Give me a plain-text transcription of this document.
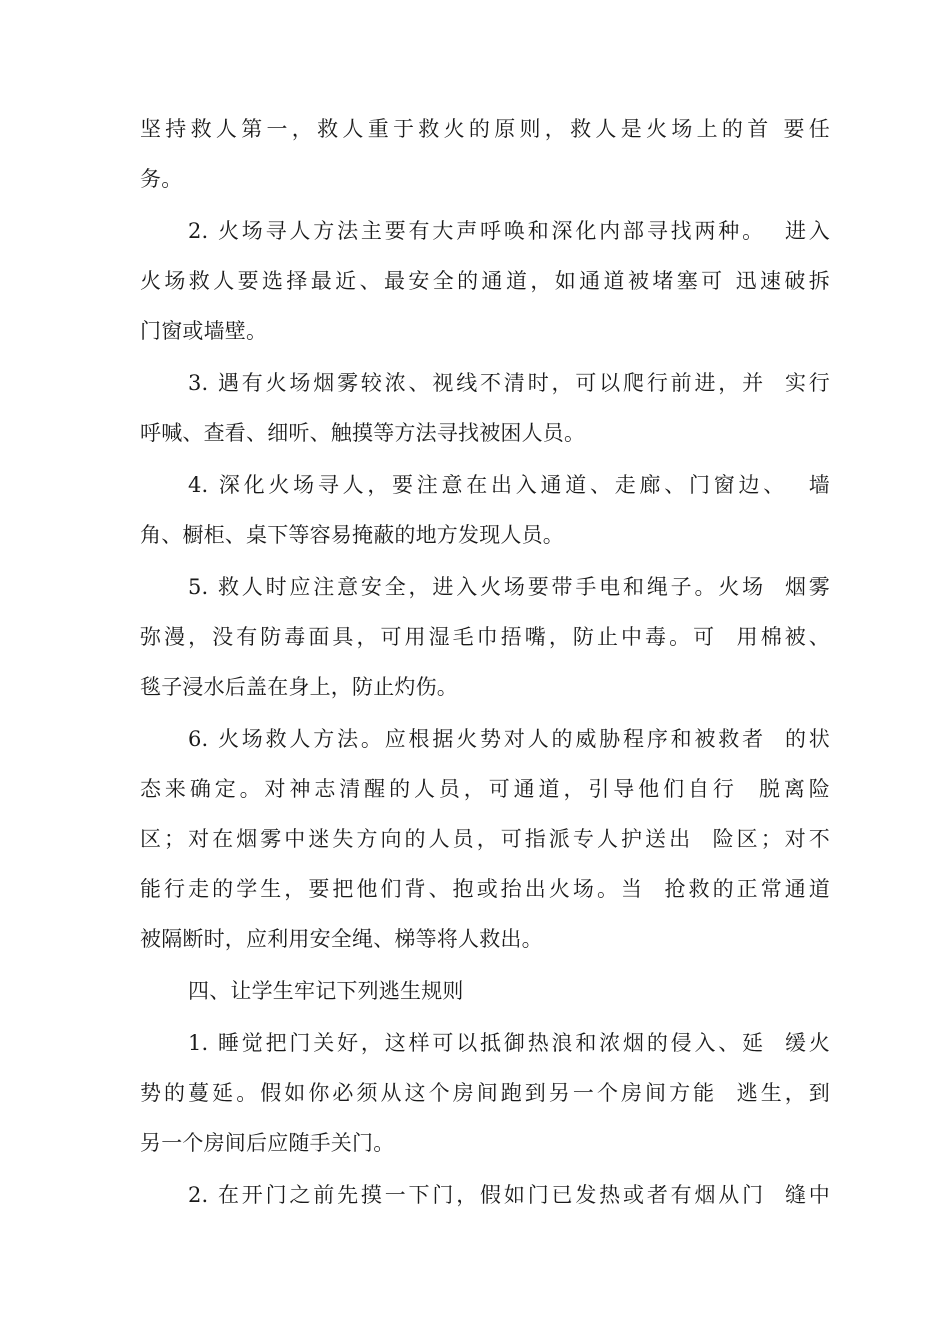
坚持救人第一，救人重于救火的原则，救人是火场上的首 要任
务。
2. 火场寻人方法主要有大声呼唤和深化内部寻找两种。  进入
火场救人要选择最近、最安全的通道，如通道被堵塞可 迅速破拆
门窗或墙壁。
3. 遇有火场烟雾较浓、视线不清时，可以爬行前进，并  实行
呼喊、查看、细听、触摸等方法寻找被困人员。
4. 深化火场寻人，要注意在出入通道、走廊、门窗边、  墙
角、橱柜、桌下等容易掩蔽的地方发现人员。
5. 救人时应注意安全，进入火场要带手电和绳子。火场  烟雾
弥漫，没有防毒面具，可用湿毛巾捂嘴，防止中毒。可  用棉被、
毯子浸水后盖在身上，防止灼伤。
6. 火场救人方法。应根据火势对人的威胁程序和被救者  的状
态来确定。对神志清醒的人员，可通道，引导他们自行  脱离险
区；对在烟雾中迷失方向的人员，可指派专人护送出  险区；对不
能行走的学生，要把他们背、抱或抬出火场。当  抢救的正常通道
被隔断时，应利用安全绳、梯等将人救出。
四、让学生牢记下列逃生规则
1. 睡觉把门关好，这样可以抵御热浪和浓烟的侵入、延  缓火
势的蔓延。假如你必须从这个房间跑到另一个房间方能  逃生，到
另一个房间后应随手关门。
2. 在开门之前先摸一下门，假如门已发热或者有烟从门  缝中
